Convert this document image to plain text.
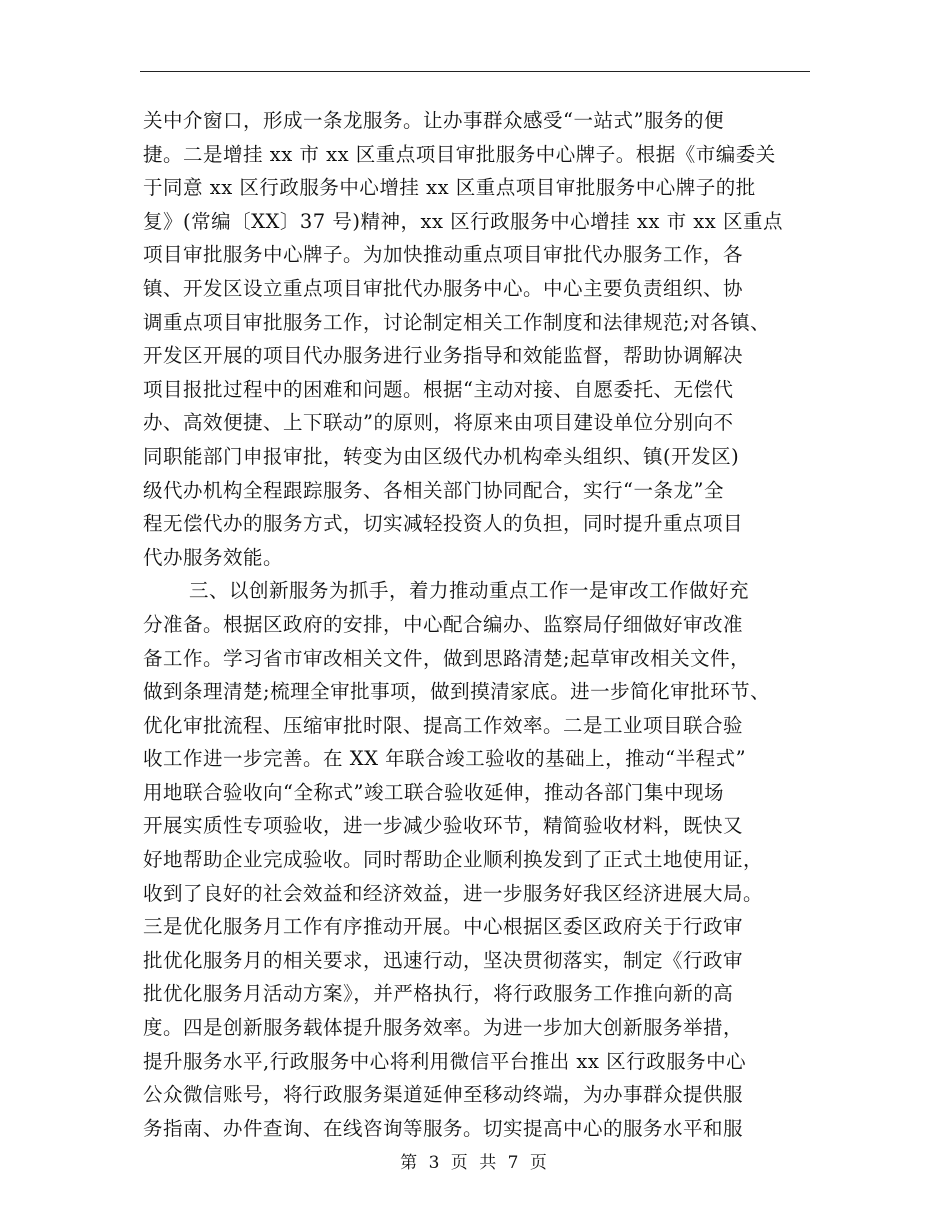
关中介窗口，形成一条龙服务。让办事群众感受“一站式”服务的便
捷。二是增挂 xx 市 xx 区重点项目审批服务中心牌子。根据《市编委关
于同意 xx 区行政服务中心增挂 xx 区重点项目审批服务中心牌子的批
复》(常编〔XX〕37 号)精神，xx 区行政服务中心增挂 xx 市 xx 区重点
项目审批服务中心牌子。为加快推动重点项目审批代办服务工作，各
镇、开发区设立重点项目审批代办服务中心。中心主要负责组织、协
调重点项目审批服务工作，讨论制定相关工作制度和法律规范;对各镇、
开发区开展的项目代办服务进行业务指导和效能监督，帮助协调解决
项目报批过程中的困难和问题。根据“主动对接、自愿委托、无偿代
办、高效便捷、上下联动”的原则，将原来由项目建设单位分别向不
同职能部门申报审批，转变为由区级代办机构牵头组织、镇(开发区)
级代办机构全程跟踪服务、各相关部门协同配合，实行“一条龙”全
程无偿代办的服务方式，切实减轻投资人的负担，同时提升重点项目
代办服务效能。
三、以创新服务为抓手，着力推动重点工作一是审改工作做好充
分准备。根据区政府的安排，中心配合编办、监察局仔细做好审改准
备工作。学习省市审改相关文件，做到思路清楚;起草审改相关文件，
做到条理清楚;梳理全审批事项，做到摸清家底。进一步简化审批环节、
优化审批流程、压缩审批时限、提高工作效率。二是工业项目联合验
收工作进一步完善。在 XX 年联合竣工验收的基础上，推动“半程式”
用地联合验收向“全称式”竣工联合验收延伸，推动各部门集中现场
开展实质性专项验收，进一步减少验收环节，精简验收材料，既快又
好地帮助企业完成验收。同时帮助企业顺利换发到了正式土地使用证，
收到了良好的社会效益和经济效益，进一步服务好我区经济进展大局。
三是优化服务月工作有序推动开展。中心根据区委区政府关于行政审
批优化服务月的相关要求，迅速行动，坚决贯彻落实，制定《行政审
批优化服务月活动方案》，并严格执行，将行政服务工作推向新的高
度。四是创新服务载体提升服务效率。为进一步加大创新服务举措，
提升服务水平,行政服务中心将利用微信平台推出 xx 区行政服务中心
公众微信账号，将行政服务渠道延伸至移动终端，为办事群众提供服
务指南、办件查询、在线咨询等服务。切实提高中心的服务水平和服
第 3 页 共 7 页
